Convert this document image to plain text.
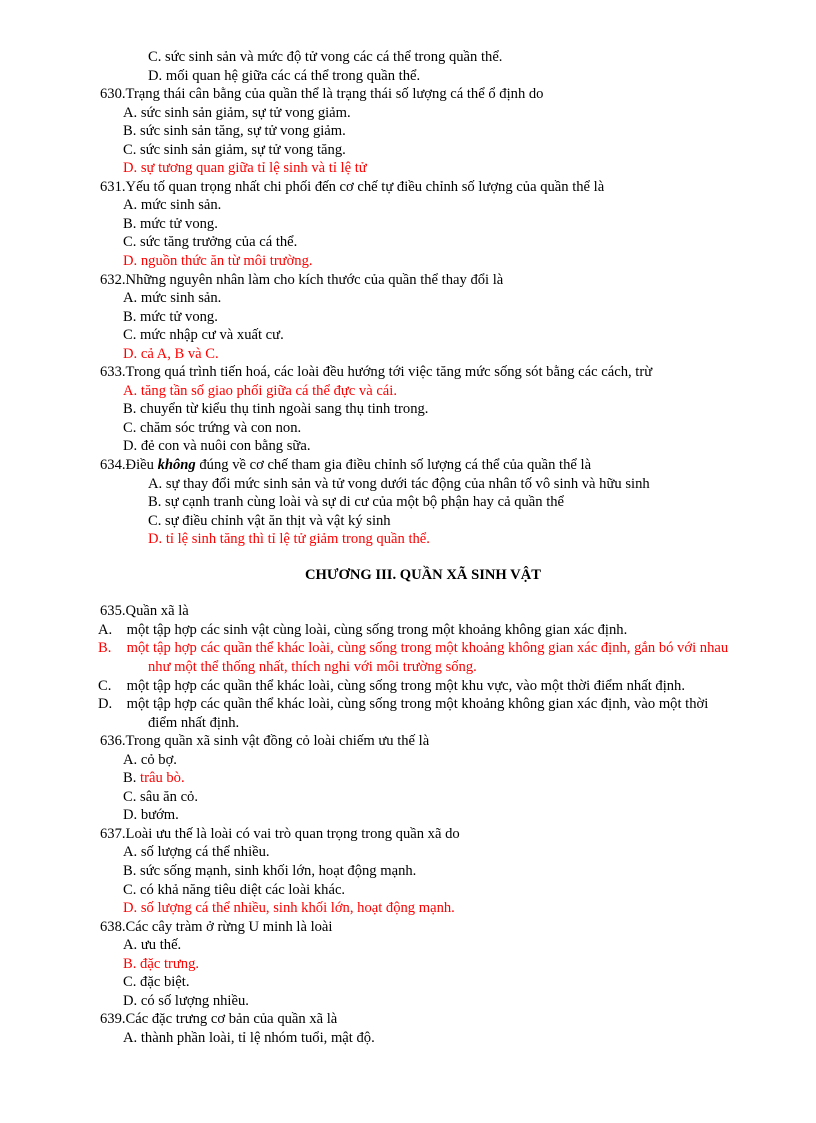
C. sức sinh sản và mức độ tử vong các cá thể trong quần thể.
D. mối quan hệ giữa các cá thể trong quần thể.
630.Trạng thái cân bằng của quần thể là trạng thái số lượng cá thể ổ định do
A. sức sinh sản giảm, sự tử vong giảm.
B. sức sinh sản tăng, sự tử vong giảm.
C. sức sinh sản giảm, sự tử vong tăng.
D. sự tương quan giữa tỉ lệ sinh và tỉ lệ tử
631.Yếu tố quan trọng nhất chi phối đến cơ chế tự điều chỉnh số lượng của quần thể là
A. mức sinh sản.
B. mức tử vong.
C. sức tăng trưởng của cá thể.
D. nguồn thức ăn từ môi trường.
632.Những nguyên nhân làm cho kích thước của quần thể thay đổi là
A. mức sinh sản.
B. mức tử vong.
C. mức nhập cư và xuất cư.
D. cả A, B và C.
633.Trong quá trình tiến hoá, các loài đều hướng tới việc tăng mức sống sót bằng các cách, trừ
A. tăng tần số giao phối giữa cá thể đực và cái.
B. chuyển từ kiểu thụ tinh ngoài sang thụ tinh trong.
C. chăm sóc trứng và con non.
D. đẻ con và nuôi con bằng sữa.
634.Điều không đúng về cơ chế tham gia điều chỉnh số lượng cá thể của quần thể là
A. sự thay đổi mức sinh sản và tử vong dưới tác động của nhân tố vô sinh và hữu sinh
B. sự cạnh tranh cùng loài và sự di cư của một bộ phận hay cả quần thể
C. sự điều chỉnh vật ăn thịt và vật ký sinh
D. tỉ lệ sinh tăng thì tỉ lệ tử giảm trong quần thể.
CHƯƠNG III. QUẦN XÃ SINH VẬT
635.Quần xã là
A. một tập hợp các sinh vật cùng loài, cùng sống trong một khoảng không gian xác định.
B. một tập hợp các quần thể khác loài, cùng sống trong một khoảng không gian xác định, gắn bó với nhau như một thể thống nhất, thích nghi với môi trường sống.
C. một tập hợp các quần thể khác loài, cùng sống trong một khu vực, vào một thời điểm nhất định.
D. một tập hợp các quần thể khác loài, cùng sống trong một khoảng không gian xác định, vào một thời điểm nhất định.
636.Trong quần xã sinh vật đồng cỏ loài chiếm ưu thế là
A. cỏ bợ.
B. trâu bò.
C. sâu ăn cỏ.
D. bướm.
637.Loài ưu thế là loài có vai trò quan trọng trong quần xã do
A. số lượng cá thể nhiều.
B. sức sống mạnh, sinh khối lớn, hoạt động mạnh.
C. có khả năng tiêu diệt các loài khác.
D. số lượng cá thể nhiều, sinh khối lớn, hoạt động mạnh.
638.Các cây tràm ở rừng U minh là loài
A. ưu thế.
B. đặc trưng.
C. đặc biệt.
D. có số lượng nhiều.
639.Các đặc trưng cơ bản của quần xã là
A. thành phần loài, tỉ lệ nhóm tuổi, mật độ.
